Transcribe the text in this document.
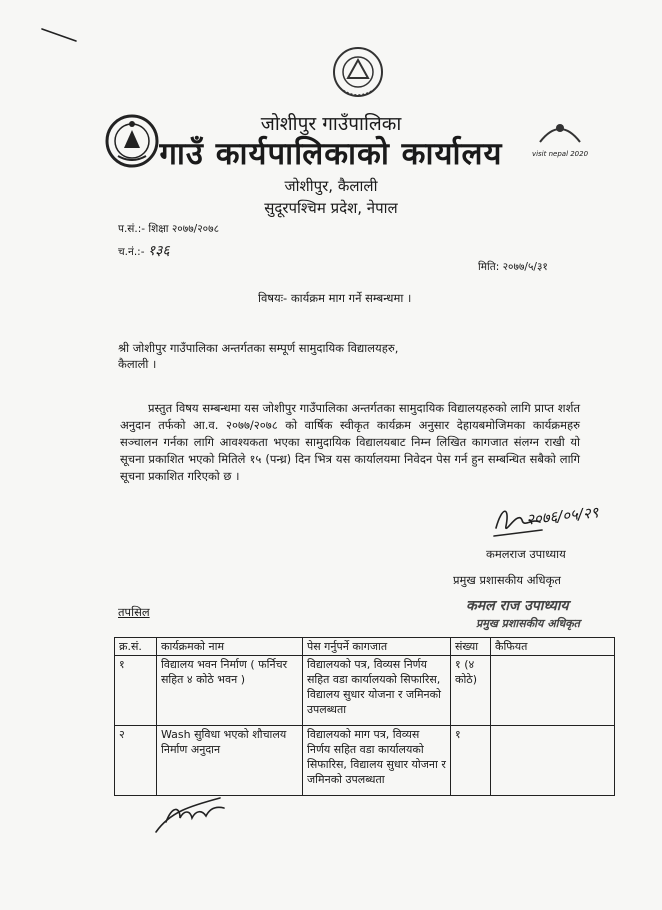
visit nepal 2020
जोशीपुर गाउँपालिका
गाउँ कार्यपालिकाको कार्यालय
जोशीपुर, कैलाली
सुदूरपश्चिम प्रदेश, नेपाल
प.सं.:- शिक्षा २०७७/२०७८
च.नं.:- १३६
मिति: २०७७/५/३१
विषयः- कार्यक्रम माग गर्ने सम्बन्धमा ।
श्री जोशीपुर गाउँपालिका अन्तर्गतका सम्पूर्ण सामुदायिक विद्यालयहरु,
कैलाली ।
प्रस्तुत विषय सम्बन्धमा यस जोशीपुर गाउँपालिका अन्तर्गतका सामुदायिक विद्यालयहरुको लागि प्राप्त शर्शत अनुदान तर्फको आ.व. २०७७/२०७८ को वार्षिक स्वीकृत कार्यक्रम अनुसार देहायबमोजिमका कार्यक्रमहरु सञ्चालन गर्नका लागि आवश्यकता भएका सामुदायिक विद्यालयबाट निम्न लिखित कागजात संलग्न राखी यो सूचना प्रकाशित भएको मितिले १५ (पन्ध्र) दिन भित्र यस कार्यालयमा निवेदन पेस गर्न हुन सम्बन्धित सबैको लागि सूचना प्रकाशित गरिएको छ ।
२०७६/०५/२९
कमलराज उपाध्याय
प्रमुख प्रशासकीय अधिकृत
कमल राज उपाध्याय
प्रमुख प्रशासकीय अधिकृत
तपसिल
क्र.सं.	कार्यक्रमको नाम	पेस गर्नुपर्ने कागजात	संख्या	कैफियत
१	विद्यालय भवन निर्माण ( फर्निचर सहित ४ कोठे भवन )	विद्यालयको पत्र, विव्यस निर्णय सहित वडा कार्यालयको सिफारिस, विद्यालय सुधार योजना र जमिनको उपलब्धता	१ (४ कोठे)	
२	Wash सुविधा भएको शौचालय निर्माण अनुदान	विद्यालयको माग पत्र, विव्यस निर्णय सहित वडा कार्यालयको सिफारिस, विद्यालय सुधार योजना र जमिनको उपलब्धता	१	
